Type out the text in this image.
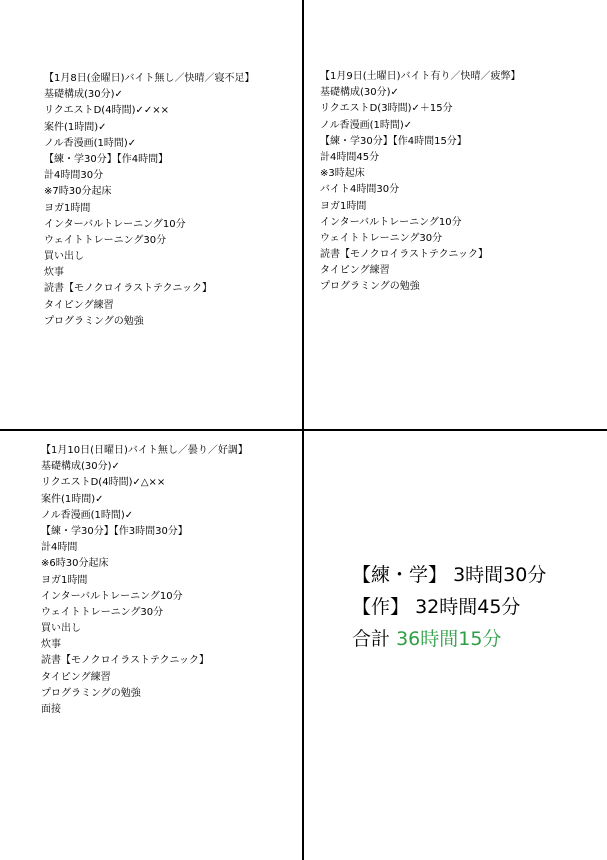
【1月8日(金曜日)バイト無し／快晴／寝不足】
基礎構成(30分)✓
リクエストD(4時間)✓✓××
案件(1時間)✓
ノル香漫画(1時間)✓
【練・学30分】【作4時間】
計4時間30分
※7時30分起床
ヨガ1時間
インターバルトレーニング10分
ウェイトトレーニング30分
買い出し
炊事
読書【モノクロイラストテクニック】
タイピング練習
プログラミングの勉強
【1月9日(土曜日)バイト有り／快晴／疲弊】
基礎構成(30分)✓
リクエストD(3時間)✓＋15分
ノル香漫画(1時間)✓
【練・学30分】【作4時間15分】
計4時間45分
※3時起床
バイト4時間30分
ヨガ1時間
インターバルトレーニング10分
ウェイトトレーニング30分
読書【モノクロイラストテクニック】
タイピング練習
プログラミングの勉強
【1月10日(日曜日)バイト無し／曇り／好調】
基礎構成(30分)✓
リクエストD(4時間)✓△××
案件(1時間)✓
ノル香漫画(1時間)✓
【練・学30分】【作3時間30分】
計4時間
※6時30分起床
ヨガ1時間
インターバルトレーニング10分
ウェイトトレーニング30分
買い出し
炊事
読書【モノクロイラストテクニック】
タイピング練習
プログラミングの勉強
面接
【練・学】 3時間30分
【作】 32時間45分
合計 36時間15分
